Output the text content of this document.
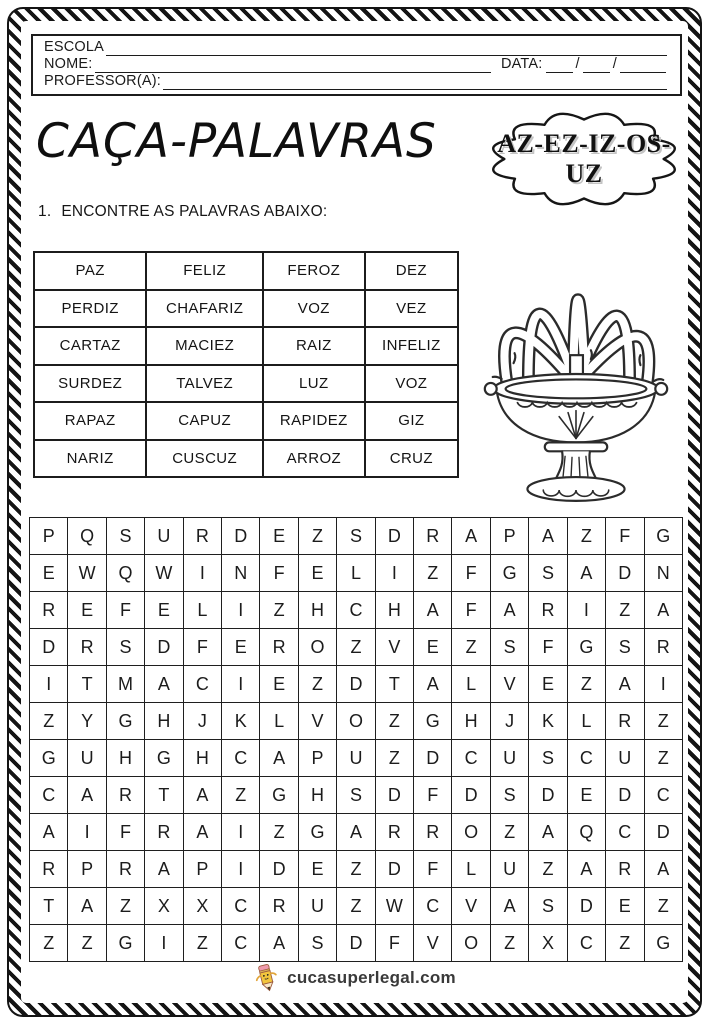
ESCOLA
NOME:	DATA: / /
PROFESSOR(A):
CAÇA-PALAVRAS	AZ-EZ-IZ-OS-
UZ
1. ENCONTRE AS PALAVRAS ABAIXO:
PAZ	FELIZ	FEROZ	DEZ
PERDIZ	CHAFARIZ	VOZ	VEZ
CARTAZ	MACIEZ	RAIZ	INFELIZ
SURDEZ	TALVEZ	LUZ	VOZ
RAPAZ	CAPUZ	RAPIDEZ	GIZ
NARIZ	CUSCUZ	ARROZ	CRUZ
P	Q	S	U	R	D	E	Z	S	D	R	A	P	A	Z	F	G
E	W	Q	W	I	N	F	E	L	I	Z	F	G	S	A	D	N
R	E	F	E	L	I	Z	H	C	H	A	F	A	R	I	Z	A
D	R	S	D	F	E	R	O	Z	V	E	Z	S	F	G	S	R
I	T	M	A	C	I	E	Z	D	T	A	L	V	E	Z	A	I
Z	Y	G	H	J	K	L	V	O	Z	G	H	J	K	L	R	Z
G	U	H	G	H	C	A	P	U	Z	D	C	U	S	C	U	Z
C	A	R	T	A	Z	G	H	S	D	F	D	S	D	E	D	C
A	I	F	R	A	I	Z	G	A	R	R	O	Z	A	Q	C	D
R	P	R	A	P	I	D	E	Z	D	F	L	U	Z	A	R	A
T	A	Z	X	X	C	R	U	Z	W	C	V	A	S	D	E	Z
Z	Z	G	I	Z	C	A	S	D	F	V	O	Z	X	C	Z	G
cucasuperlegal.com
